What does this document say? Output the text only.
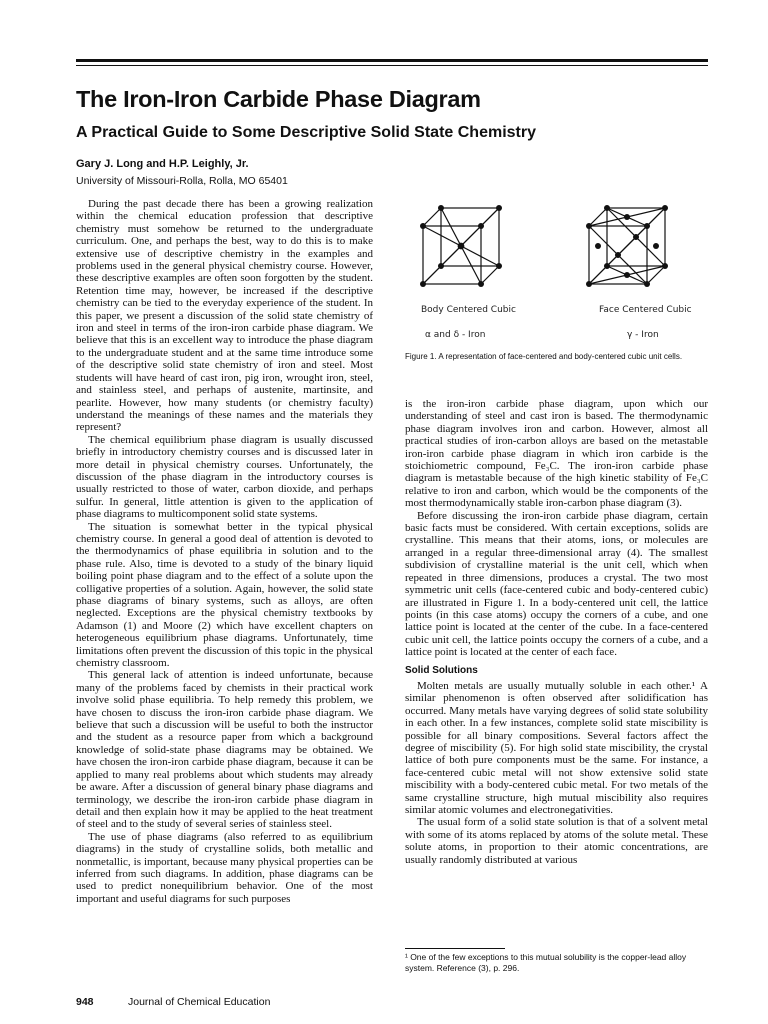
The Iron-Iron Carbide Phase Diagram
A Practical Guide to Some Descriptive Solid State Chemistry
Gary J. Long and H.P. Leighly, Jr.
University of Missouri-Rolla, Rolla, MO 65401

During the past decade there has been a growing realization within the chemical education profession that descriptive chemistry must somehow be returned to the undergraduate curriculum. One, and perhaps the best, way to do this is to make extensive use of descriptive chemistry in the examples and problems used in the general physical chemistry course. However, these descriptive examples are often soon forgotten by the student. Retention time may, however, be increased if the descriptive chemistry can be tied to the everyday experience of the student. In this paper, we present a discussion of the solid state chemistry of iron and steel in terms of the iron-iron carbide phase diagram. We believe that this is an excellent way to introduce the phase diagram to the undergraduate student and at the same time introduce some of the descriptive solid state chemistry of iron and steel. Most students will have heard of cast iron, pig iron, wrought iron, steel, and stainless steel, and perhaps of austenite, martinsite, and pearlite. However, how many students (or chemistry faculty) understand the meanings of these names and the materials they represent?

The chemical equilibrium phase diagram is usually discussed briefly in introductory chemistry courses and is discussed later in more detail in physical chemistry courses. Unfortunately, the discussion of the phase diagram in the introductory courses is usually restricted to those of water, carbon dioxide, and perhaps sulfur. In general, little attention is given to the application of phase diagrams to multicomponent solid state systems.

The situation is somewhat better in the typical physical chemistry course. In general a good deal of attention is devoted to the thermodynamics of phase equilibria in solution and to the phase rule. Also, time is devoted to a study of the binary liquid boiling point phase diagram and to the effect of a solute upon the colligative properties of a solution. Again, however, the solid state phase diagrams of binary systems, such as alloys, are often neglected. Exceptions are the physical chemistry textbooks by Adamson (1) and Moore (2) which have excellent chapters on heterogeneous equilibrium phase diagrams. Unfortunately, time limitations often prevent the discussion of this topic in the physical chemistry classroom.

This general lack of attention is indeed unfortunate, because many of the problems faced by chemists in their practical work involve solid phase equilibria. To help remedy this problem, we have chosen to discuss the iron-iron carbide phase diagram. We believe that such a discussion will be useful to both the instructor and the student as a resource paper from which a background knowledge of solid-state phase diagrams may be obtained. We have chosen the iron-iron carbide phase diagram, because it can be applied to many real problems about which students may already be aware. After a discussion of general binary phase diagrams and terminology, we describe the iron-iron carbide phase diagram in detail and then explain how it may be applied to the heat treatment of steel and to the study of several series of stainless steel.

The use of phase diagrams (also referred to as equilibrium diagrams) in the study of crystalline solids, both metallic and nonmetallic, is important, because many physical properties can be inferred from such diagrams. In addition, phase diagrams can be used to predict nonequilibrium behavior. One of the most important and useful diagrams for such purposes

Body Centered Cubic
α and δ - Iron
Face Centered Cubic
γ - Iron
Figure 1. A representation of face-centered and body-centered cubic unit cells.

is the iron-iron carbide phase diagram, upon which our understanding of steel and cast iron is based. The thermodynamic phase diagram involves iron and carbon. However, almost all practical studies of iron-carbon alloys are based on the metastable iron-iron carbide phase diagram in which iron carbide is the stoichiometric compound, Fe₃C. The iron-iron carbide phase diagram is metastable because of the high kinetic stability of Fe₃C relative to iron and carbon, which would be the components of the most thermodynamically stable iron-carbon phase diagram (3).

Before discussing the iron-iron carbide phase diagram, certain basic facts must be considered. With certain exceptions, solids are crystalline. This means that their atoms, ions, or molecules are arranged in a regular three-dimensional array (4). The smallest subdivision of crystalline material is the unit cell, which when repeated in three dimensions, produces a crystal. The two most symmetric unit cells (face-centered cubic and body-centered cubic) are illustrated in Figure 1. In a body-centered unit cell, the lattice points (in this case atoms) occupy the corners of a cube, and one lattice point is located at the center of the cube. In a face-centered cubic unit cell, the lattice points occupy the corners of a cube, and a lattice point is located at the center of each face.

Solid Solutions

Molten metals are usually mutually soluble in each other.¹ A similar phenomenon is often observed after solidification has occurred. Many metals have varying degrees of solid state solubility in each other. In a few instances, complete solid state miscibility is possible for all binary compositions. Several factors affect the degree of miscibility (5). For high solid state miscibility, the crystal lattice of both pure components must be the same. For instance, a face-centered cubic metal will not show extensive solid state miscibility with a body-centered cubic metal. For two metals of the same crystalline structure, high mutual miscibility also requires similar atomic volumes and electronegativities.

The usual form of a solid state solution is that of a solvent metal with some of its atoms replaced by atoms of the solute metal. These solute atoms, in proportion to their atomic concentrations, are usually randomly distributed at various

¹ One of the few exceptions to this mutual solubility is the copper-lead alloy system. Reference (3), p. 296.
948	Journal of Chemical Education
